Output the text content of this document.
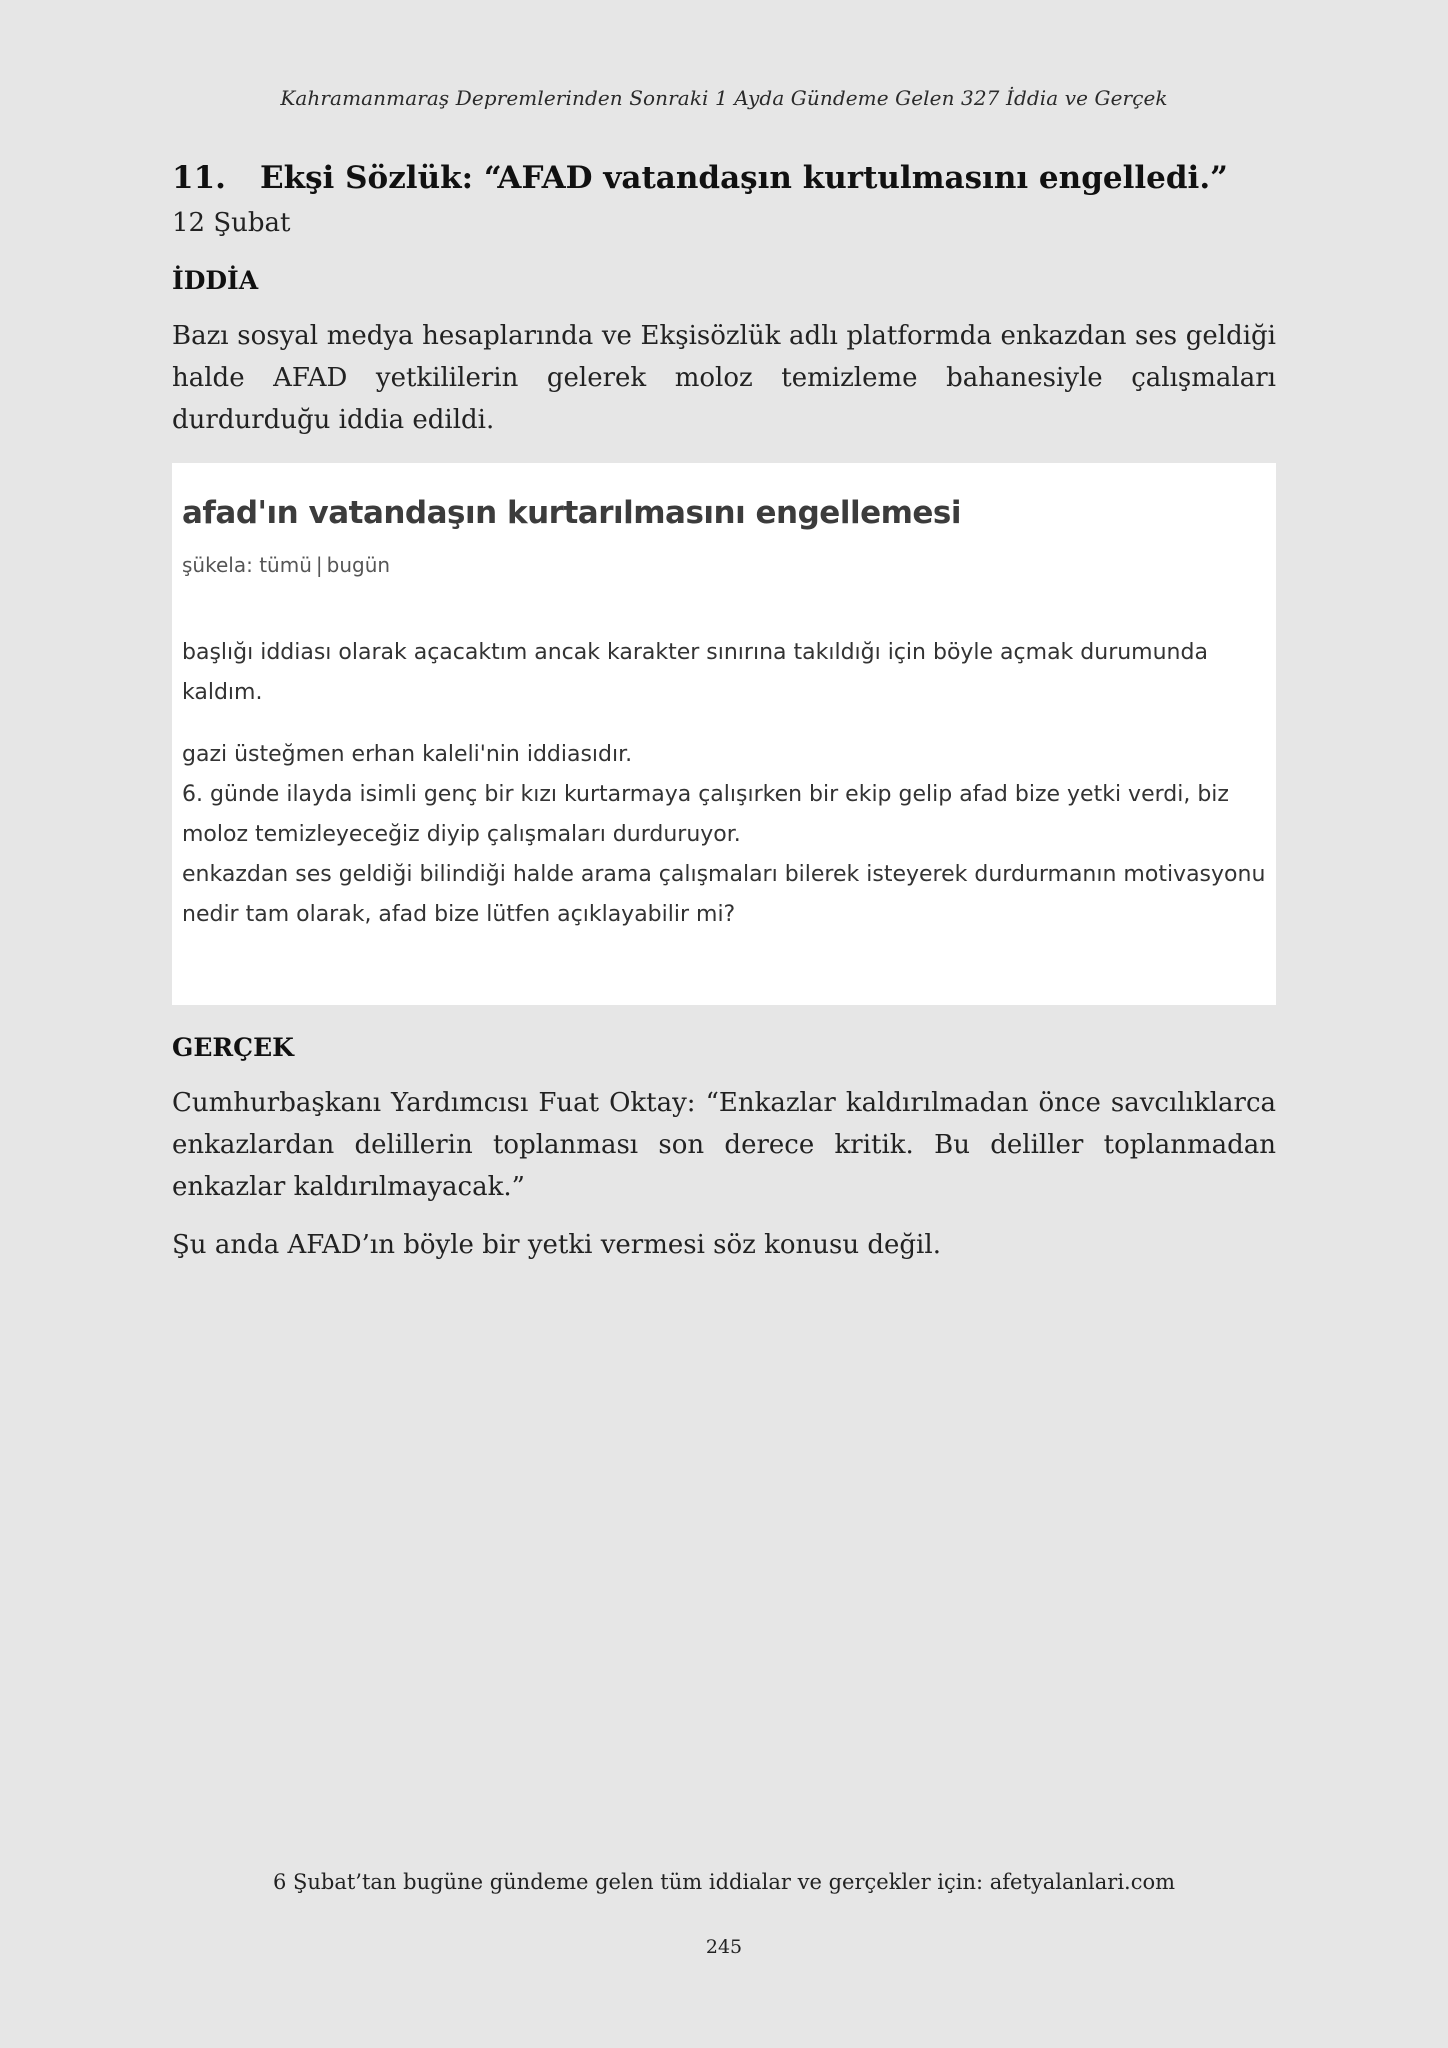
Kahramanmaraş Depremlerinden Sonraki 1 Ayda Gündeme Gelen 327 İddia ve Gerçek
11.	Ekşi Sözlük: “AFAD vatandaşın kurtulmasını engelledi.”
12 Şubat
İDDİA
Bazı sosyal medya hesaplarında ve Ekşisözlük adlı platformda enkazdan ses geldiği halde AFAD yetkililerin gelerek moloz temizleme bahanesiyle çalışmaları durdurduğu iddia edildi.
afad'ın vatandaşın kurtarılmasını engellemesi
şükela: tümü | bugün
başlığı iddiası olarak açacaktım ancak karakter sınırına takıldığı için böyle açmak durumunda kaldım.
gazi üsteğmen erhan kaleli'nin iddiasıdır.
6. günde ilayda isimli genç bir kızı kurtarmaya çalışırken bir ekip gelip afad bize yetki verdi, biz moloz temizleyeceğiz diyip çalışmaları durduruyor.
enkazdan ses geldiği bilindiği halde arama çalışmaları bilerek isteyerek durdurmanın motivasyonu nedir tam olarak, afad bize lütfen açıklayabilir mi?
GERÇEK
Cumhurbaşkanı Yardımcısı Fuat Oktay: “Enkazlar kaldırılmadan önce savcılıklarca enkazlardan delillerin toplanması son derece kritik. Bu deliller toplanmadan enkazlar kaldırılmayacak.”
Şu anda AFAD’ın böyle bir yetki vermesi söz konusu değil.
6 Şubat’tan bugüne gündeme gelen tüm iddialar ve gerçekler için: afetyalanlari.com
245
